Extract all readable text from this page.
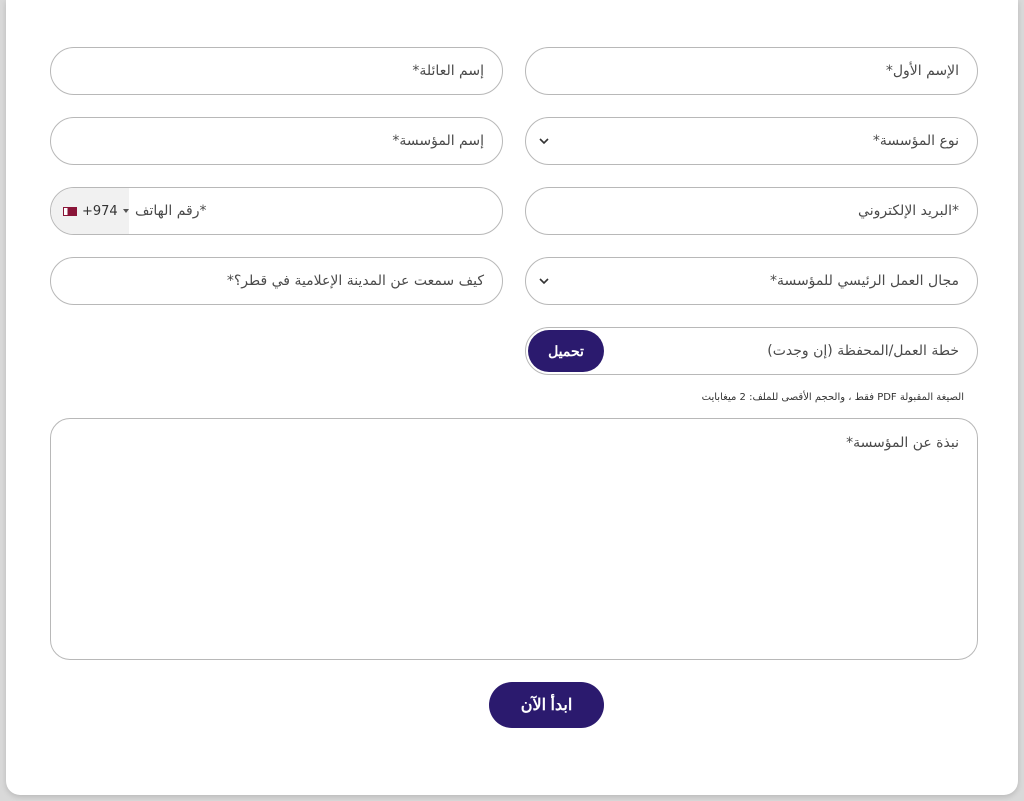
الإسم الأول*
إسم العائلة*
نوع المؤسسة*
إسم المؤسسة*
*البريد الإلكتروني
*رقم الهاتف
+974
مجال العمل الرئيسي للمؤسسة*
كيف سمعت عن المدينة الإعلامية في قطر؟*
خطة العمل/المحفظة (إن وجدت)
تحميل
الصيغة المقبولة PDF فقط ، والحجم الأقصى للملف: 2 ميغابايت
نبذة عن المؤسسة*
ابدأ الآن
